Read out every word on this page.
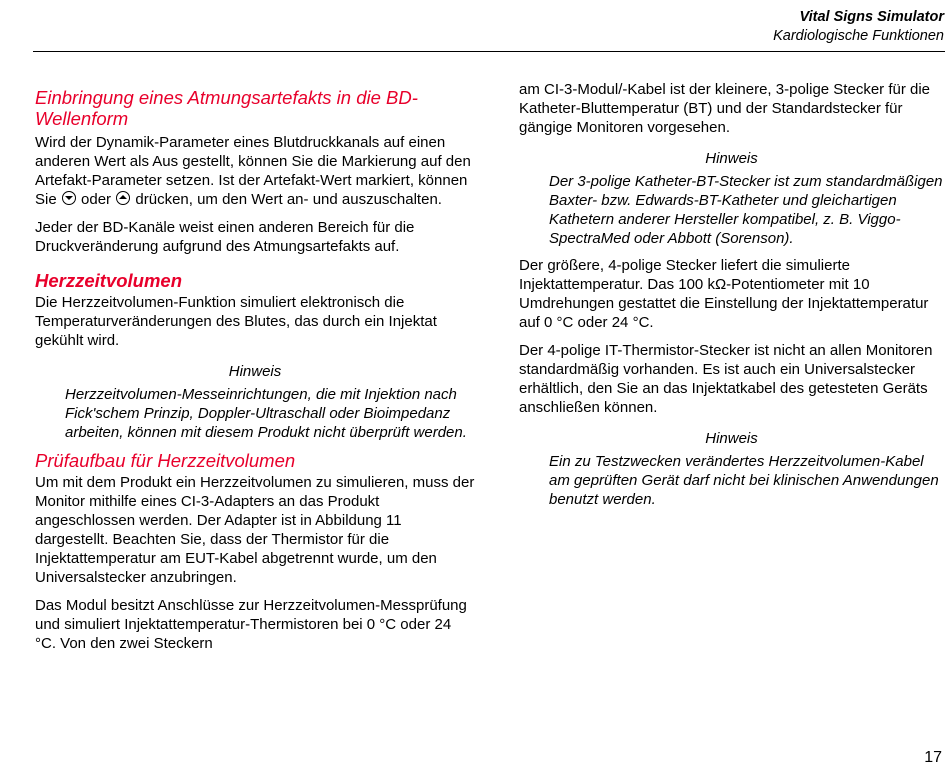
Vital Signs Simulator
Kardiologische Funktionen
Einbringung eines Atmungsartefakts in die BD-Wellenform

Wird der Dynamik-Parameter eines Blutdruckkanals auf einen anderen Wert als Aus gestellt, können Sie die Markierung auf den Artefakt-Parameter setzen. Ist der Artefakt-Wert markiert, können Sie  oder  drücken, um den Wert an- und auszuschalten.

Jeder der BD-Kanäle weist einen anderen Bereich für die Druckveränderung aufgrund des Atmungsartefakts auf.

Herzzeitvolumen

Die Herzzeitvolumen-Funktion simuliert elektronisch die Temperaturveränderungen des Blutes, das durch ein Injektat gekühlt wird.

Hinweis
Herzzeitvolumen-Messeinrichtungen, die mit Injektion nach Fick'schem Prinzip, Doppler-Ultraschall oder Bioimpedanz arbeiten, können mit diesem Produkt nicht überprüft werden.
Prüfaufbau für Herzzeitvolumen

Um mit dem Produkt ein Herzzeitvolumen zu simulieren, muss der Monitor mithilfe eines CI-3-Adapters an das Produkt angeschlossen werden. Der Adapter ist in Abbildung 11 dargestellt. Beachten Sie, dass der Thermistor für die Injektattemperatur am EUT-Kabel abgetrennt wurde, um den Universalstecker anzubringen.

Das Modul besitzt Anschlüsse zur Herzzeitvolumen-Messprüfung und simuliert Injektattemperatur-Thermistoren bei 0 °C oder 24 °C. Von den zwei Steckern

am CI-3-Modul/-Kabel ist der kleinere, 3-polige Stecker für die Katheter-Bluttemperatur (BT) und der Standardstecker für gängige Monitoren vorgesehen.

Hinweis
Der 3-polige Katheter-BT-Stecker ist zum standardmäßigen Baxter- bzw. Edwards-BT-Katheter und gleichartigen Kathetern anderer Hersteller kompatibel, z. B. Viggo-SpectraMed oder Abbott (Sorenson).

Der größere, 4-polige Stecker liefert die simulierte Injektattemperatur. Das 100 kΩ-Potentiometer mit 10 Umdrehungen gestattet die Einstellung der Injektattemperatur auf 0 °C oder 24 °C.

Der 4-polige IT-Thermistor-Stecker ist nicht an allen Monitoren standardmäßig vorhanden. Es ist auch ein Universalstecker erhältlich, den Sie an das Injektatkabel des getesteten Geräts anschließen können.

Hinweis
Ein zu Testzwecken verändertes Herzzeitvolumen-Kabel am geprüften Gerät darf nicht bei klinischen Anwendungen benutzt werden.
17
